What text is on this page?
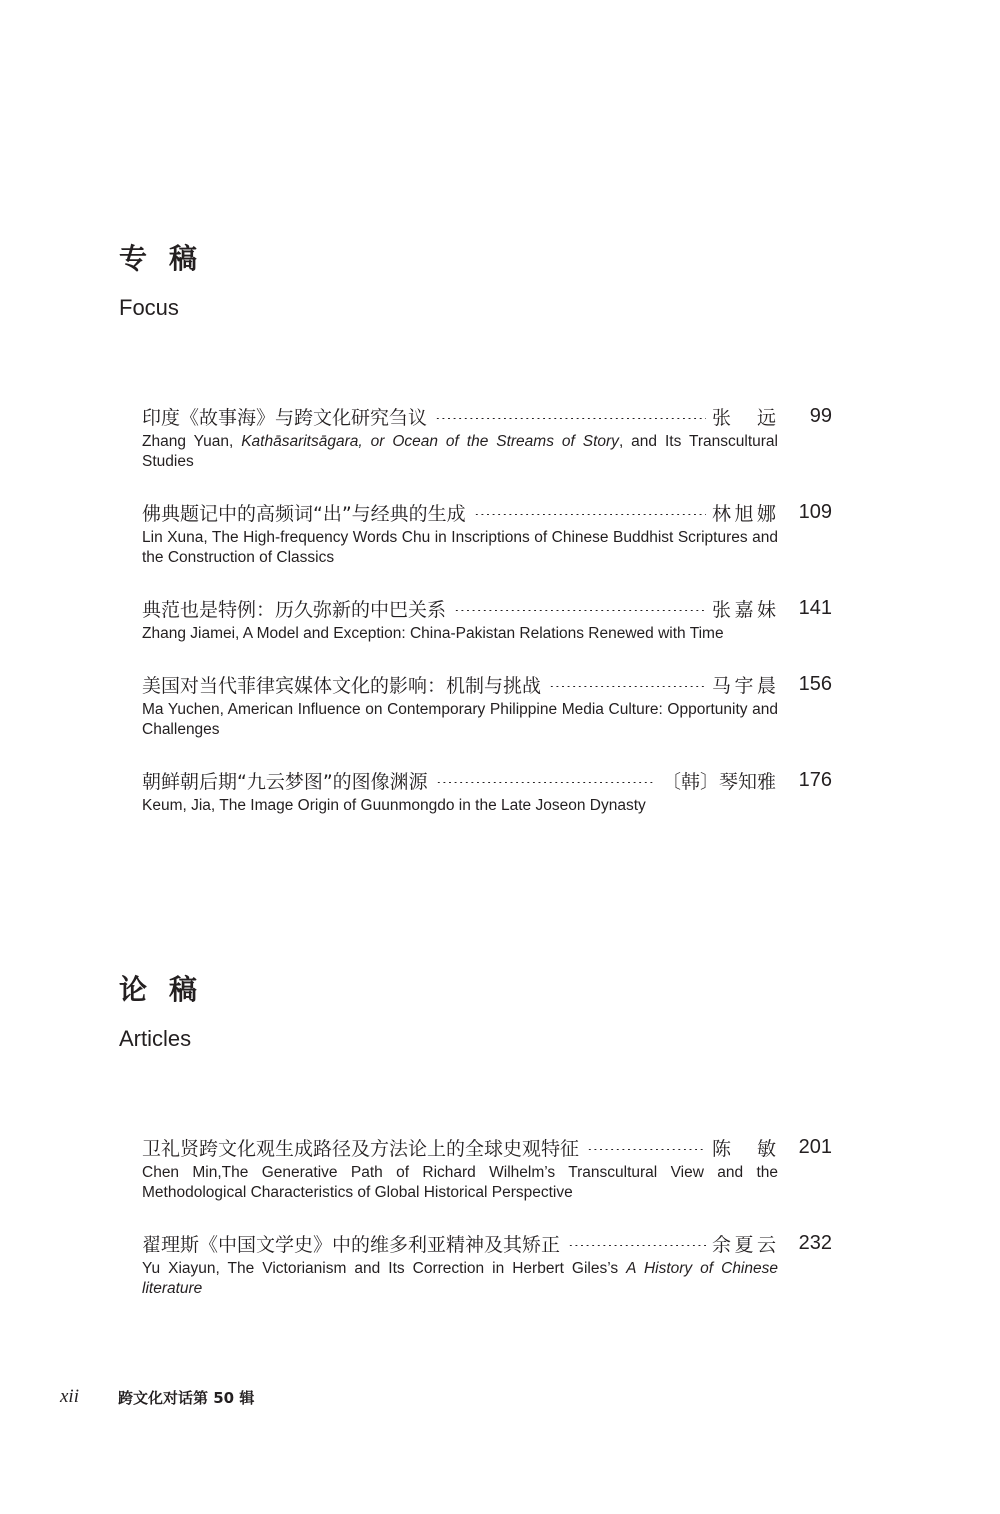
专稿
Focus
印度《故事海》与跨文化研究刍议	张远	99
Zhang Yuan, Kathāsaritsāgara, or Ocean of the Streams of Story, and Its Transcultural Studies
佛典题记中的高频词“出”与经典的生成	林旭娜	109
Lin Xuna, The High-frequency Words Chu in Inscriptions of Chinese Buddhist Scriptures and the Construction of Classics
典范也是特例：历久弥新的中巴关系	张嘉妹	141
Zhang Jiamei, A Model and Exception: China-Pakistan Relations Renewed with Time
美国对当代菲律宾媒体文化的影响：机制与挑战	马宇晨	156
Ma Yuchen, American Influence on Contemporary Philippine Media Culture: Opportunity and Challenges
朝鲜朝后期“九云梦图”的图像渊源	〔韩〕琴知雅	176
Keum, Jia, The Image Origin of Guunmongdo in the Late Joseon Dynasty
论稿
Articles
卫礼贤跨文化观生成路径及方法论上的全球史观特征	陈敏	201
Chen Min,The Generative Path of Richard Wilhelm’s Transcultural View and the Methodological Characteristics of Global Historical Perspective
翟理斯《中国文学史》中的维多利亚精神及其矫正	余夏云	232
Yu Xiayun, The Victorianism and Its Correction in Herbert Giles’s A History of Chinese literature
xii	跨文化对话第 50 辑
